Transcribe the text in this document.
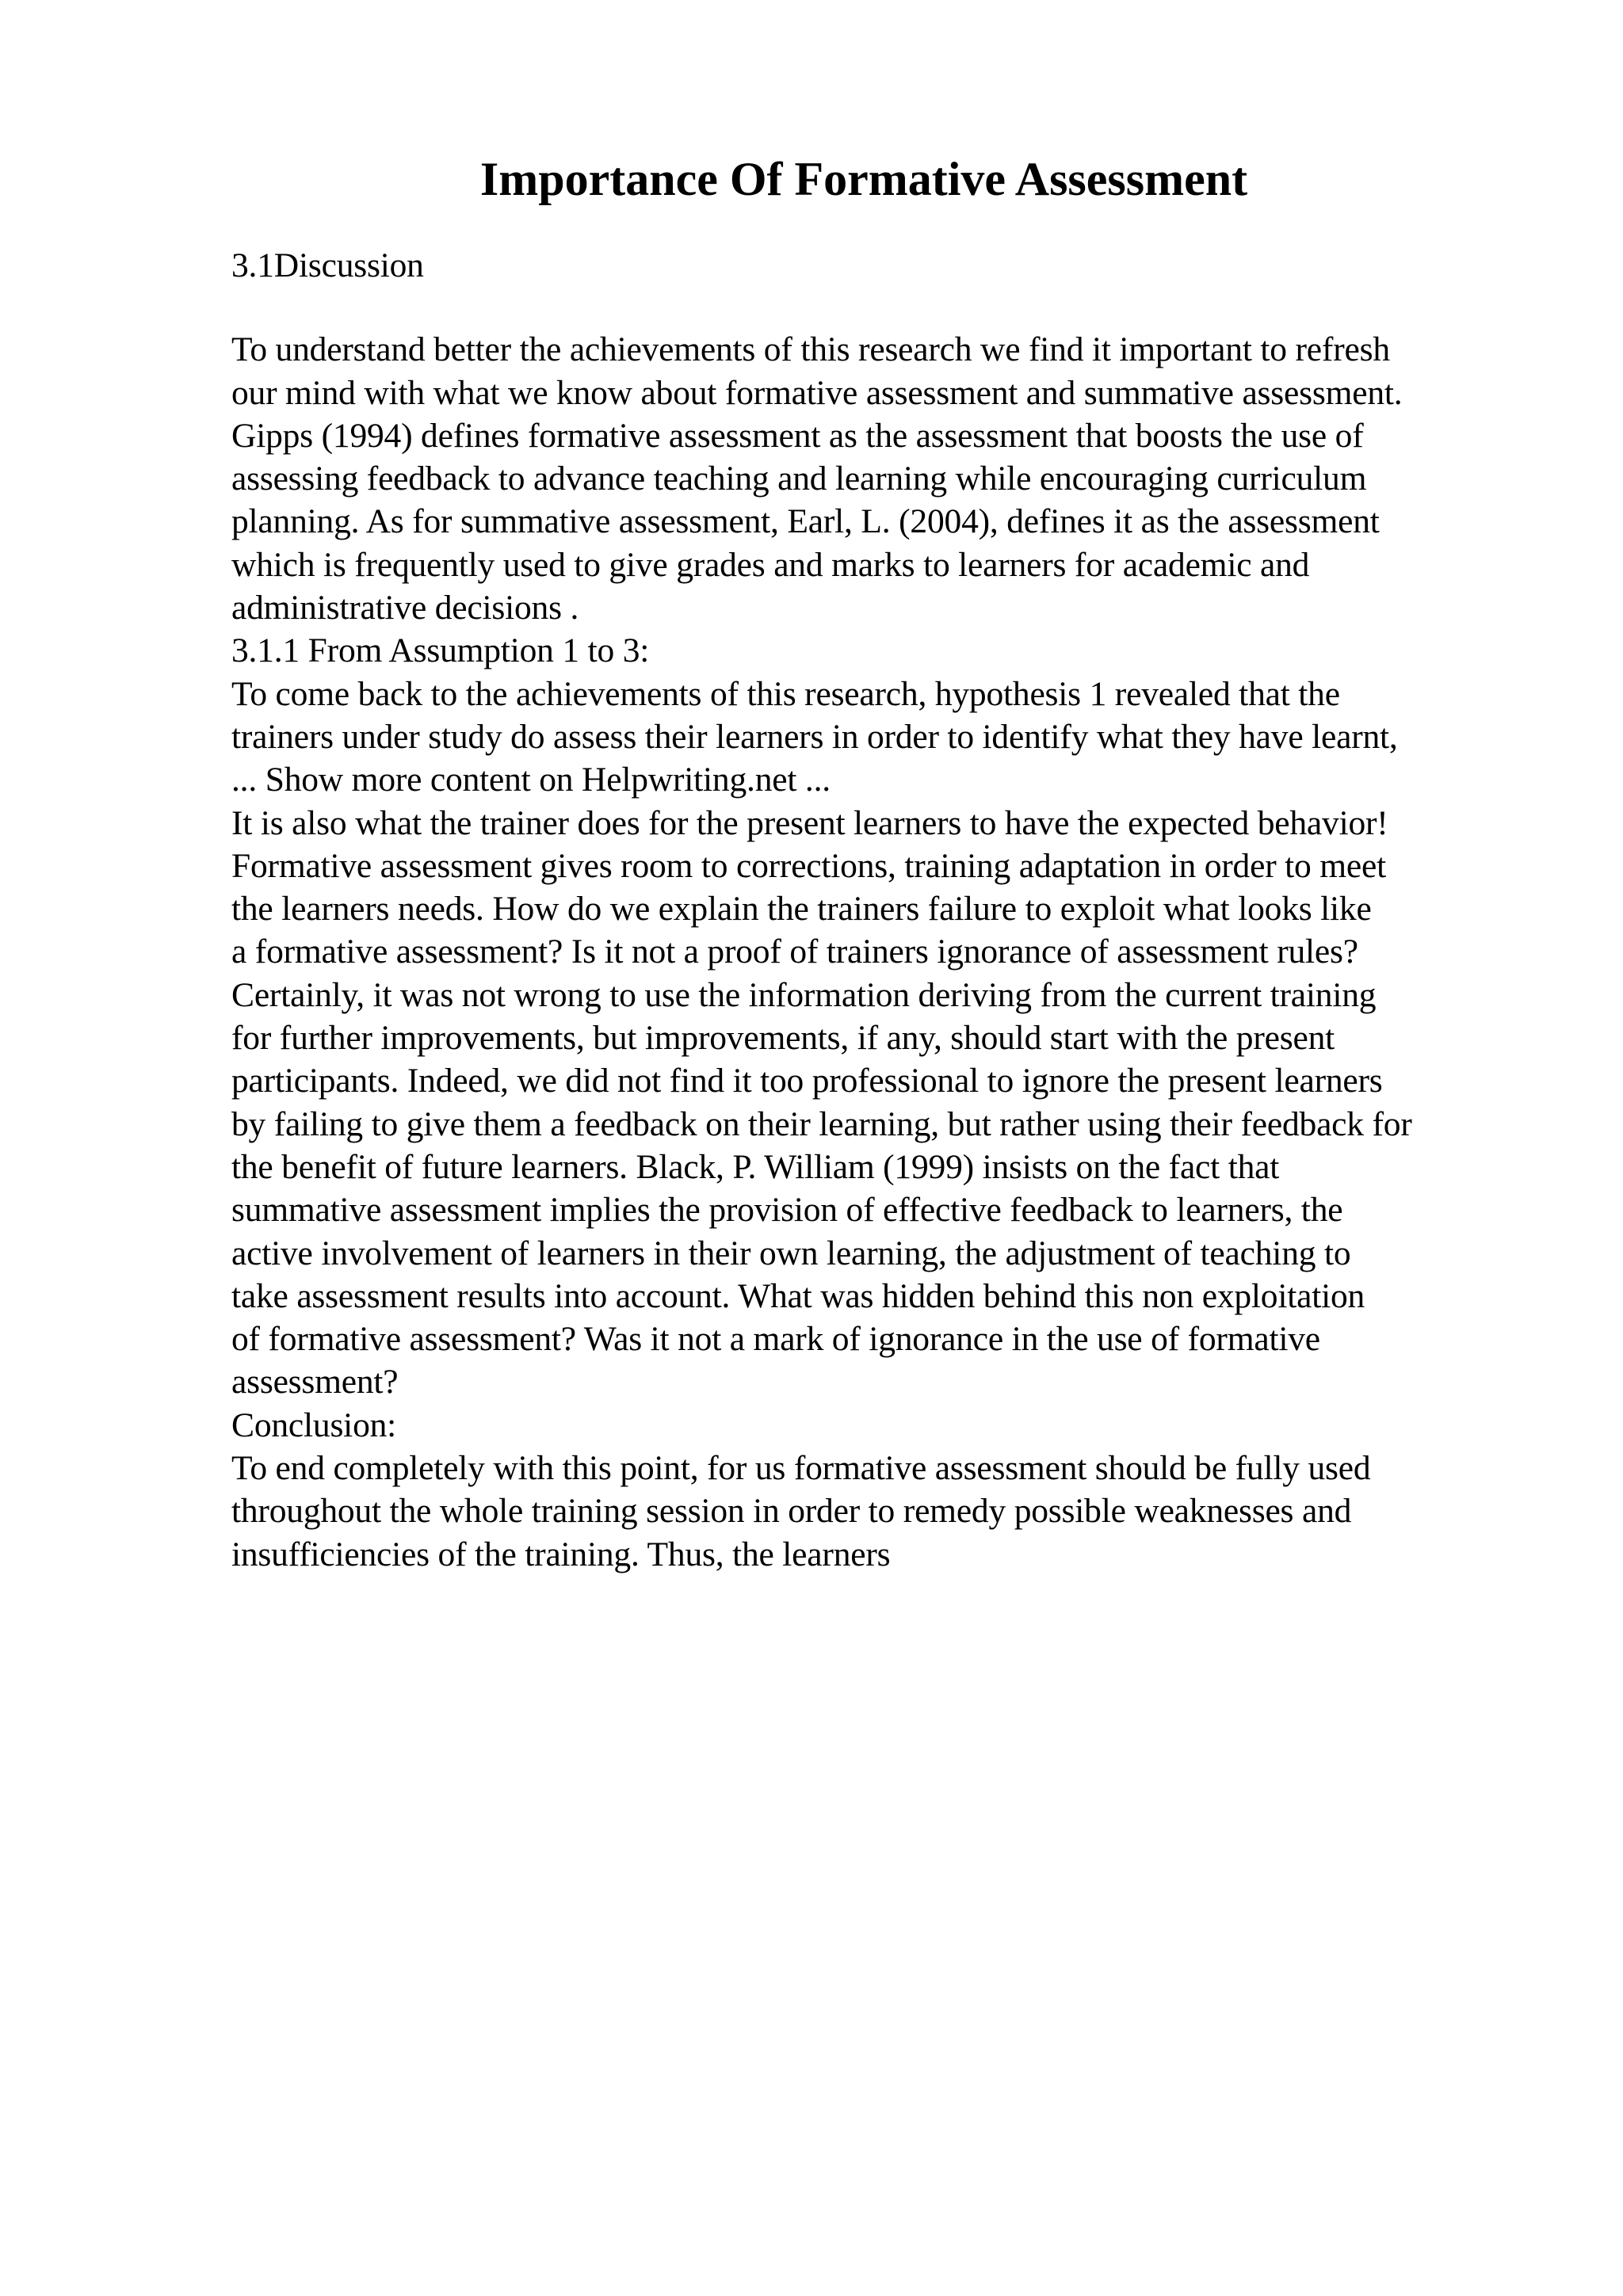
Importance Of Formative Assessment
3.1Discussion
To understand better the achievements of this research we find it important to refresh
our mind with what we know about formative assessment and summative assessment.
Gipps (1994) defines formative assessment as the assessment that boosts the use of
assessing feedback to advance teaching and learning while encouraging curriculum
planning. As for summative assessment, Earl, L. (2004), defines it as the assessment
which is frequently used to give grades and marks to learners for academic and
administrative decisions .
3.1.1 From Assumption 1 to 3:
To come back to the achievements of this research, hypothesis 1 revealed that the
trainers under study do assess their learners in order to identify what they have learnt,
... Show more content on Helpwriting.net ...
It is also what the trainer does for the present learners to have the expected behavior!
Formative assessment gives room to corrections, training adaptation in order to meet
the learners needs. How do we explain the trainers failure to exploit what looks like
a formative assessment? Is it not a proof of trainers ignorance of assessment rules?
Certainly, it was not wrong to use the information deriving from the current training
for further improvements, but improvements, if any, should start with the present
participants. Indeed, we did not find it too professional to ignore the present learners
by failing to give them a feedback on their learning, but rather using their feedback for
the benefit of future learners. Black, P. William (1999) insists on the fact that
summative assessment implies the provision of effective feedback to learners, the
active involvement of learners in their own learning, the adjustment of teaching to
take assessment results into account. What was hidden behind this non exploitation
of formative assessment? Was it not a mark of ignorance in the use of formative
assessment?
Conclusion:
To end completely with this point, for us formative assessment should be fully used
throughout the whole training session in order to remedy possible weaknesses and
insufficiencies of the training. Thus, the learners
